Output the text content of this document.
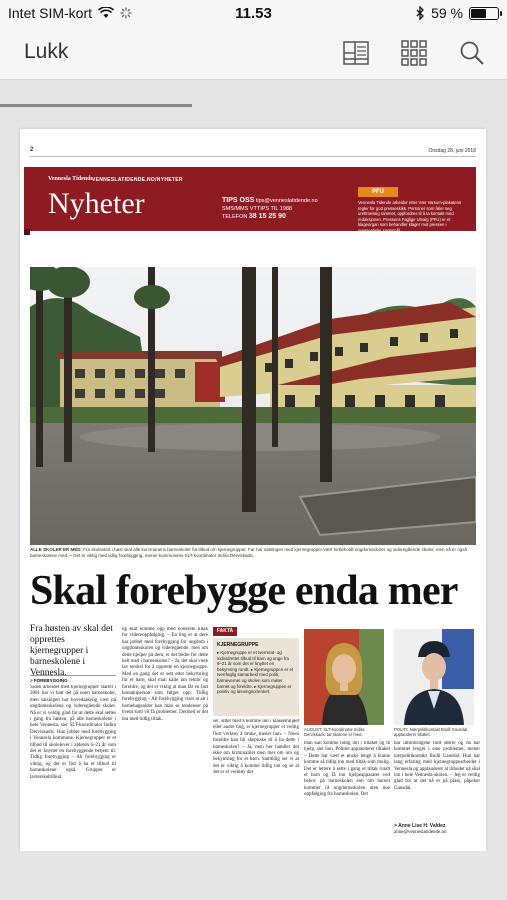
Intet SIM-kort	11.53	59 %
Lukk
2	Onsdag 28. juni 2018
Vennesla Tidende
VENNESLATIDENDE.NO/NYHETER
Nyheter	TIPS OSS tips@venneslatidende.no
SMS/MMS VTTIPS TIL 1988
TELEFON 38 15 25 90
PFU
Vennesla Tidende arbeider etter Vær Varsom-plakatens regler for god presseskikk. Personer som føler seg urettmessig rammet, oppfordres til å ta kontakt med redaksjonen. Pressens Faglige Utvalg (PFU) er et klageorgan som behandler klager mot pressen i presseetiske spørsmål.
ALLE SKOLER ER MED: Fra skolestart i høst skal alle kommunens barneskoler ha tilbud om kjernegrupper. Før har satsingen med kjernegrupper vært forbeholdt ungdomsskoler og videregående skoler, men nå er også barneskolene med. – Det er viktig med tidlig forebygging, mener kommunens SLT-koordinator Indira Derviskadic.
Skal forebygge enda mer
Fra høsten av skal det opprettes kjernegrupper i barneskolene i Vennesla.
> FOREBYGGING
Siden arbeidet med kjernegrupper startet i 2001 har vi hatt det på noen barneskoler, men satsingen har hovedsakelig vært på ungdomsskolene og videregående skoler. Nå er vi veldig glad for at dette skal settes i gang fra høsten, på alle barneskolene i hele Vennesla, sier SLT-koordinator Indira Derviskadic. Hun jobber med forebygging i Vennesla kommune. Kjernegrupper er et tilbud til skolelever i alderen 6–21 år som det er knyttet en forebyggende betjent til. Tidlig forebygging – Alt forebygging er viktig, og det er fint å ha et tilbud til barneskolene også. Grupper er lavterskeltilbud.
og skal komme opp med konkrete tiltak for videreoppfølging. – En ting er at dere har jobbet med forebygging for ungdom i ungdomsskolen og videregående, men om dette hjelper på dem, er det bedre for dette helt med i barneskolen? – Ja, det skal være lav terskel for å opprette en kjernegruppe. Med en gang det er sett etter bekymring for et barn, skal man kalle inn rektor og foreldre, og det er viktig at man får en fast kontaktperson som følger opp. Tidlig forebygging – Alt forebygging viser at alt i barnehagealder kan man se tendenser på hvem som vil få problemer. Dermed er det bra med tidlig tiltak.
FAKTA
KJERNEGRUPPE
▸ Kjernegruppe er et tverretat- og individrettet tilbud til barn og unge fra 6–21 år som det er knyttet en bekymring rundt. ▸ Kjernegruppen er et tverrfaglig samarbeid med politi, barnevernet og skolen som møter barnet og foreldre. ▸ Kjernegruppen er positiv og løsningsorientert.
sel, sitter med å komme inn i klassemiljøet eller andre ting, er kjernegrupper et veldig flott verktøy å bruke, mener hun. – Noen foreldre kan bli skeptiske til å ha dette i barneskolen? – Ja, men her handler det ikke om kriminalitet men mer om uro og bekymring for et barn. Samtidig ser vi at det er viktig å komme tidlig inn og se at det er et verktøy der
AUGUST: SLT-koordinator Indira Derviskadic tar skolene er med.
man kan komme tidlig inn i tiltaket og få hjelp, sier hun. Politiet applauderer tiltaket – Dette har vært et ønske lenge å kunne komme så tidlig inn med tiltak som mulig. Det er lettere å sette i gang et tiltak rundt et barn og få inn hjelpeapparatet ved behov på barneskolen enn om barnet kommer til ungdomsskolen uten noe oppfølging fra barneskolen. Det
POLITI: Nærpolitikontakt Bodil Gausdal applauderer tiltaket.
har utfordringene blitt større og da har kommet lenger i sine problemer, mener nærpolitikontakt Bodil Gausdal. Hun har lang erfaring med kjernegruppearbeidet i Vennesla og applauderer at tilbudet nå skal inn i hele Vennesla-skolen. – Jeg er veldig glad for at det nå er på plass, påpeker Gausdal.
> Anne Lise H. Valdez
anne@venneslatidende.no
